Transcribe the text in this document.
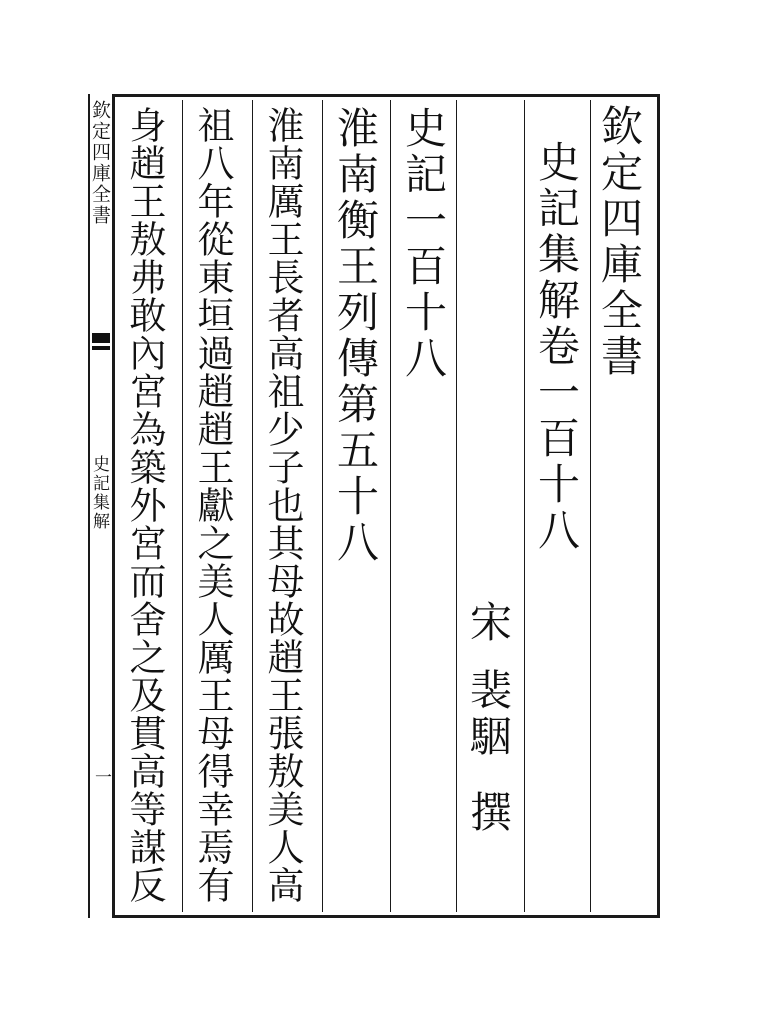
欽定四庫全書
史記集解
一
欽定四庫全書
史記集解卷一百十八
宋
裴駰
撰
史記一百十八
淮南衡王列傳第五十八
淮南厲王長者高祖少子也其母故趙王張敖美人高
祖八年從東垣過趙趙王獻之美人厲王母得幸焉有
身趙王敖弗敢內宮為築外宮而舍之及貫高等謀反
